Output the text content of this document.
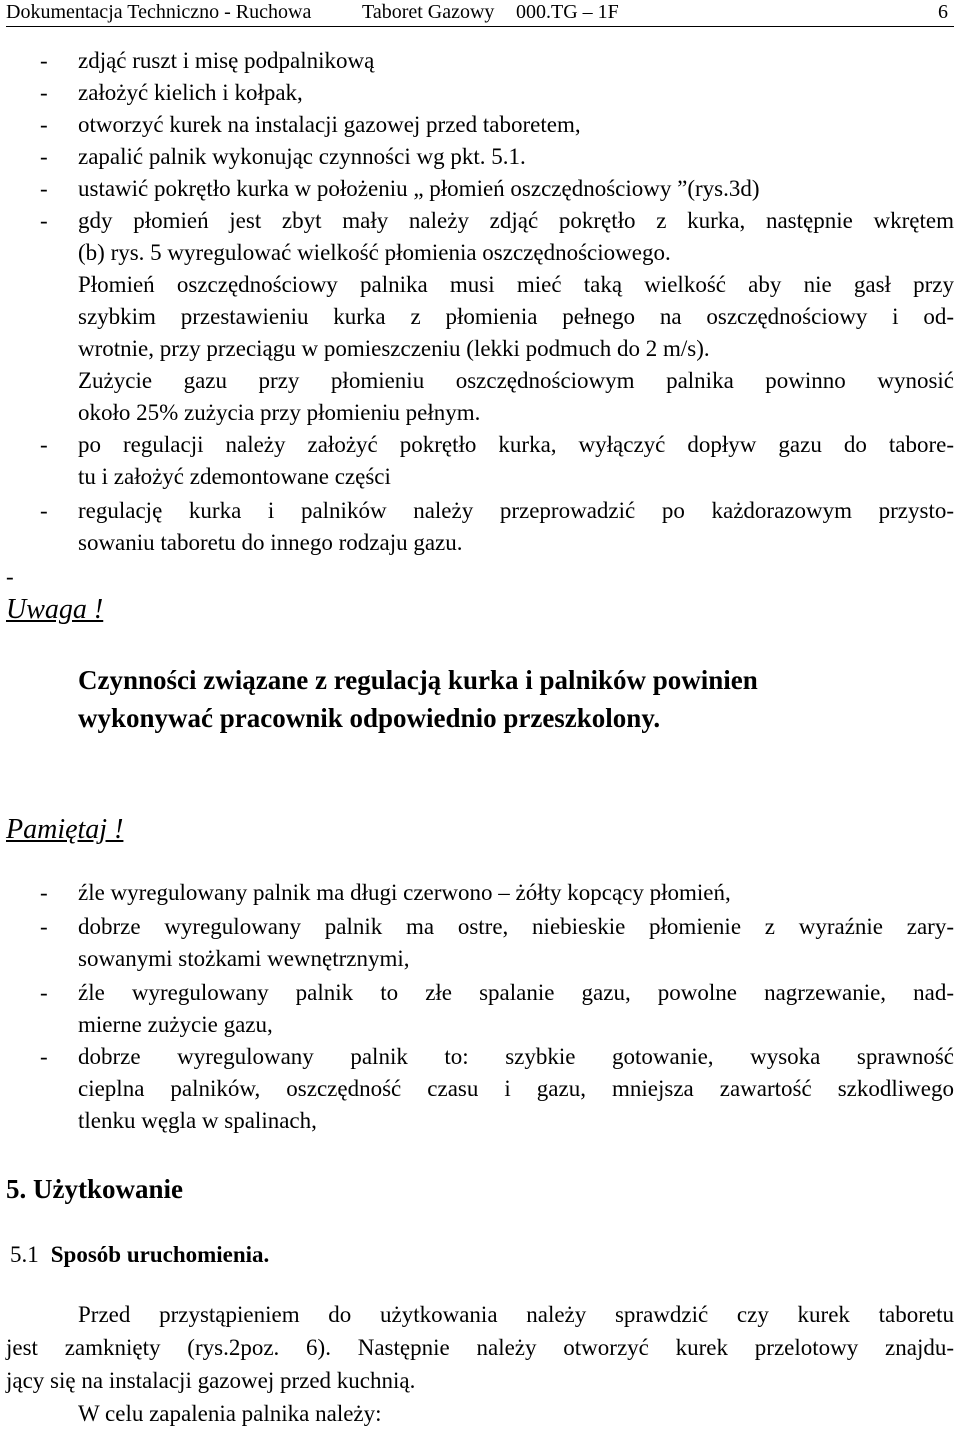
Dokumentacja Techniczno - Ruchowa	Taboret Gazowy 000.TG – 1F	6
- zdjąć ruszt i misę podpalnikową
- założyć kielich i kołpak,
- otworzyć kurek na instalacji gazowej przed taboretem,
- zapalić palnik wykonując czynności wg pkt. 5.1.
- ustawić pokrętło kurka w położeniu „ płomień oszczędnościowy ”(rys.3d)
- gdy płomień jest zbyt mały należy zdjąć pokrętło z kurka, następnie wkrętem
(b) rys. 5 wyregulować wielkość płomienia oszczędnościowego.
Płomień oszczędnościowy palnika musi mieć taką wielkość aby nie gasł przy
szybkim przestawieniu kurka z płomienia pełnego na oszczędnościowy i od-
wrotnie, przy przeciągu w pomieszczeniu (lekki podmuch do 2 m/s).
Zużycie gazu przy płomieniu oszczędnościowym palnika powinno wynosić
około 25% zużycia przy płomieniu pełnym.
- po regulacji należy założyć pokrętło kurka, wyłączyć dopływ gazu do tabore-
tu i założyć zdemontowane części
- regulację kurka i palników należy przeprowadzić po każdorazowym przysto-
sowaniu taboretu do innego rodzaju gazu.
-
Uwaga !
Czynności związane z regulacją kurka i palników powinien
wykonywać pracownik odpowiednio przeszkolony.
Pamiętaj !
- źle wyregulowany palnik ma długi czerwono – żółty kopcący płomień,
- dobrze wyregulowany palnik ma ostre, niebieskie płomienie z wyraźnie zary-
sowanymi stożkami wewnętrznymi,
- źle wyregulowany palnik to złe spalanie gazu, powolne nagrzewanie, nad-
mierne zużycie gazu,
- dobrze wyregulowany palnik to: szybkie gotowanie, wysoka sprawność
cieplna palników, oszczędność czasu i gazu, mniejsza zawartość szkodliwego
tlenku węgla w spalinach,
5. Użytkowanie
5.1 Sposób uruchomienia.
Przed przystąpieniem do użytkowania należy sprawdzić czy kurek taboretu
jest zamknięty (rys.2poz. 6). Następnie należy otworzyć kurek przelotowy znajdu-
jący się na instalacji gazowej przed kuchnią.
W celu zapalenia palnika należy:
